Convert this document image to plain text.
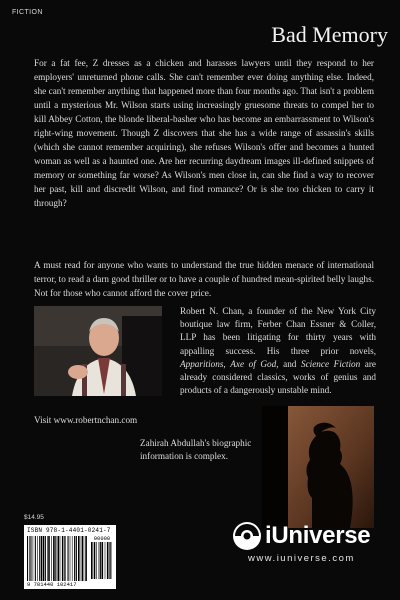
FICTION
Bad Memory

For a fat fee, Z dresses as a chicken and harasses lawyers until they respond to her employers' unreturned phone calls. She can't remember ever doing anything else. Indeed, she can't remember anything that happened more than four months ago. That isn't a problem until a mysterious Mr. Wilson starts using increasingly gruesome threats to compel her to kill Abbey Cotton, the blonde liberal-basher who has become an embarrassment to Wilson's right-wing movement. Though Z discovers that she has a wide range of assassin's skills (which she cannot remember acquiring), she refuses Wilson's offer and becomes a hunted woman as well as a haunted one. Are her recurring daydream images ill-defined snippets of memory or something far worse? As Wilson's men close in, can she find a way to recover her past, kill and discredit Wilson, and find romance? Or is she too chicken to carry it through?

A must read for anyone who wants to understand the true hidden menace of international terror, to read a darn good thriller or to have a couple of hundred mean-spirited belly laughs. Not for those who cannot afford the cover price.

Robert N. Chan, a founder of the New York City boutique law firm, Ferber Chan Essner & Coller, LLP has been litigating for thirty years with appalling success. His three prior novels, Apparitions, Axe of God, and Science Fiction are already considered classics, works of genius and products of a dangerously unstable mind.

Visit www.robertnchan.com

Zahirah Abdullah's biographic information is complex.

$14.95
ISBN 978-1-4401-0241-7
90000
9 781440 102417
iUniverse
www.iuniverse.com
